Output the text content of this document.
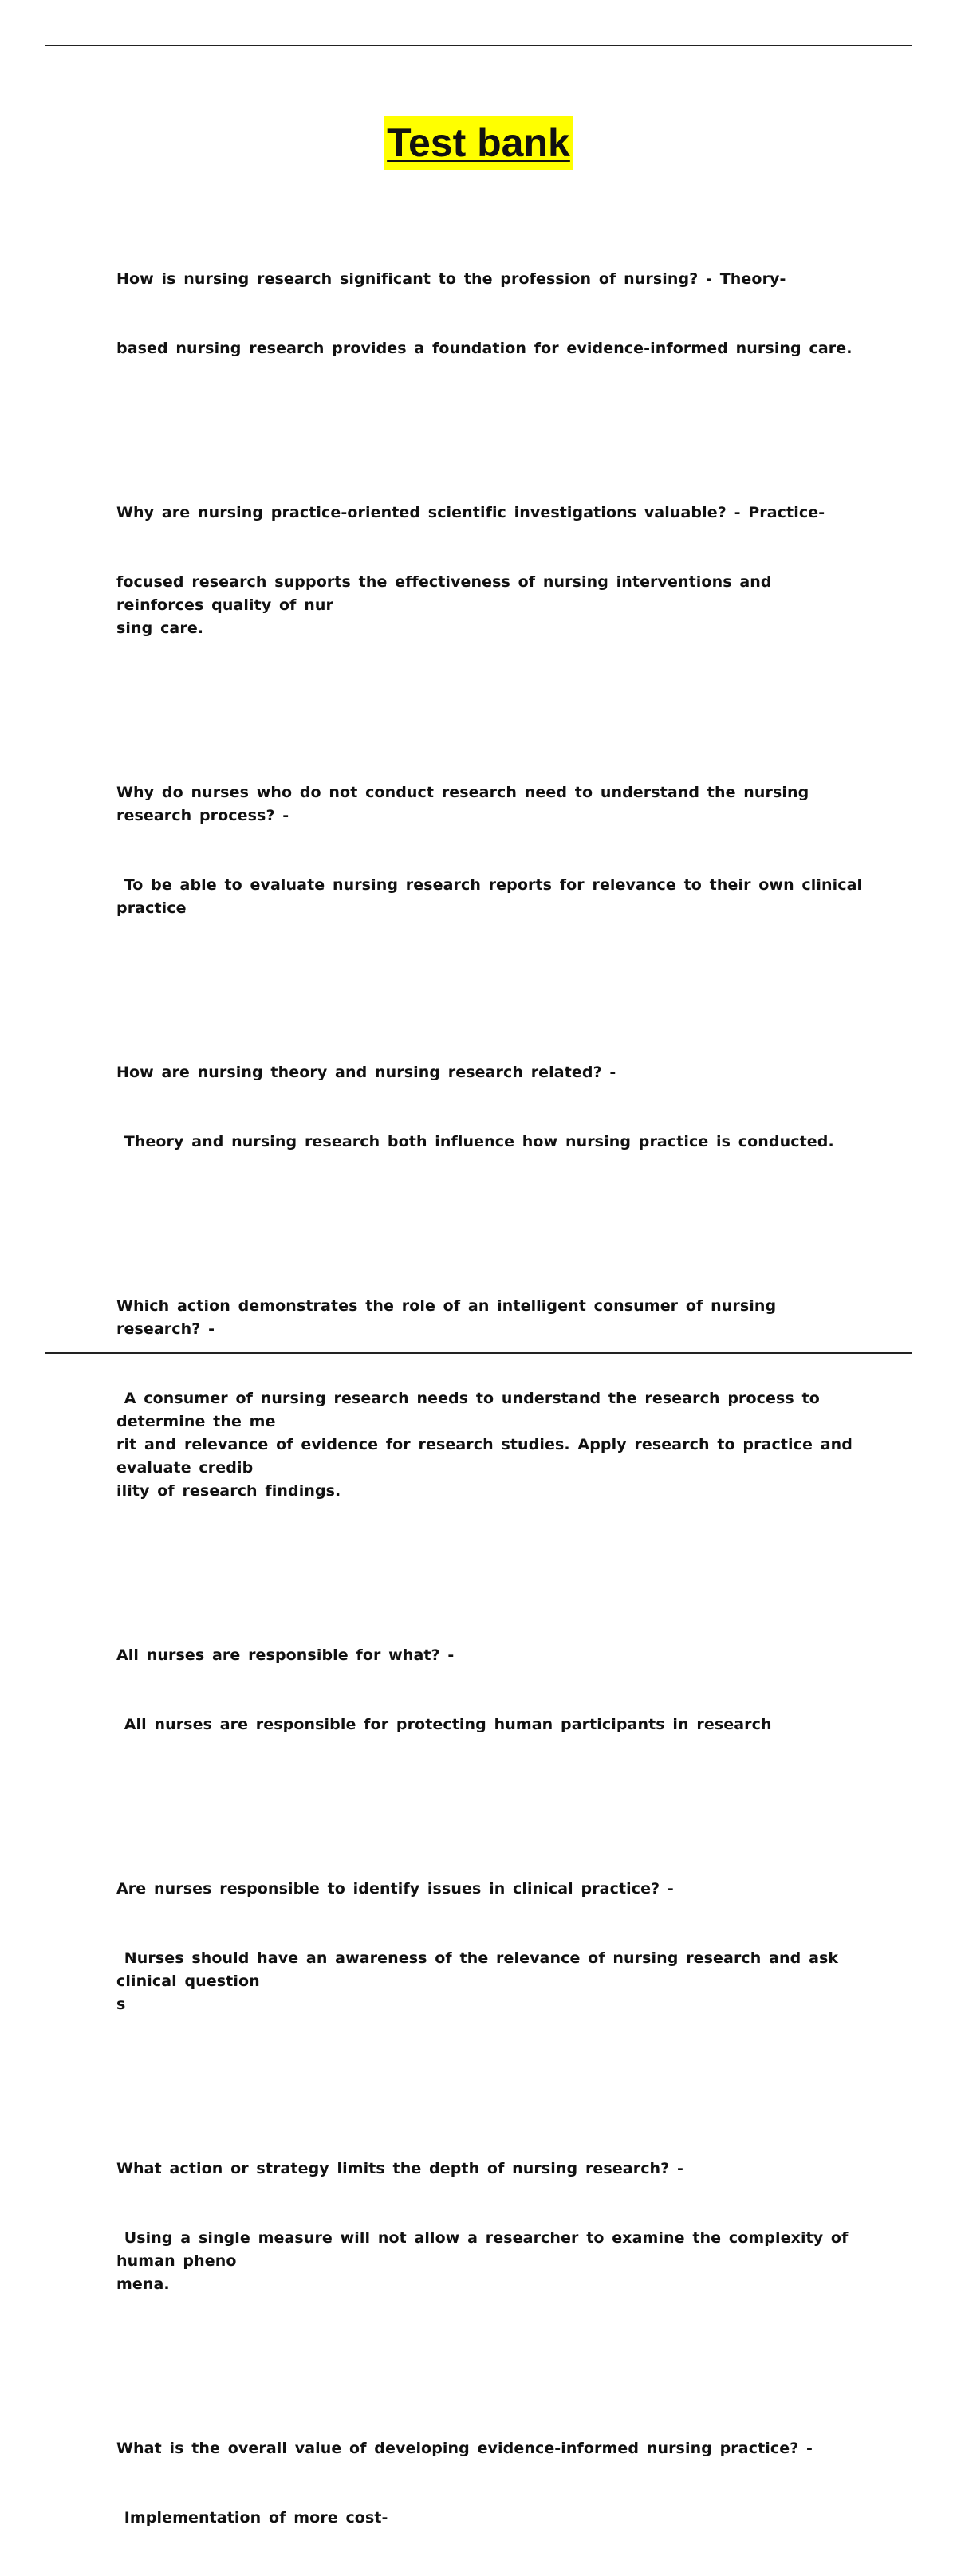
Test bank

How is nursing research significant to the profession of nursing? - Theory-

based nursing research provides a foundation for evidence-informed nursing care.

Why are nursing practice-oriented scientific investigations valuable? - Practice-

focused research supports the effectiveness of nursing interventions and reinforces quality of nur
sing care.

Why do nurses who do not conduct research need to understand the nursing research process? -

To be able to evaluate nursing research reports for relevance to their own clinical practice

How are nursing theory and nursing research related? -

Theory and nursing research both influence how nursing practice is conducted.

Which action demonstrates the role of an intelligent consumer of nursing research? -

A consumer of nursing research needs to understand the research process to determine the me
rit and relevance of evidence for research studies. Apply research to practice and evaluate credib
ility of research findings.

All nurses are responsible for what? -

All nurses are responsible for protecting human participants in research

Are nurses responsible to identify issues in clinical practice? -

Nurses should have an awareness of the relevance of nursing research and ask clinical question
s

What action or strategy limits the depth of nursing research? -

Using a single measure will not allow a researcher to examine the complexity of human pheno
mena.

What is the overall value of developing evidence-informed nursing practice? -

Implementation of more cost-
